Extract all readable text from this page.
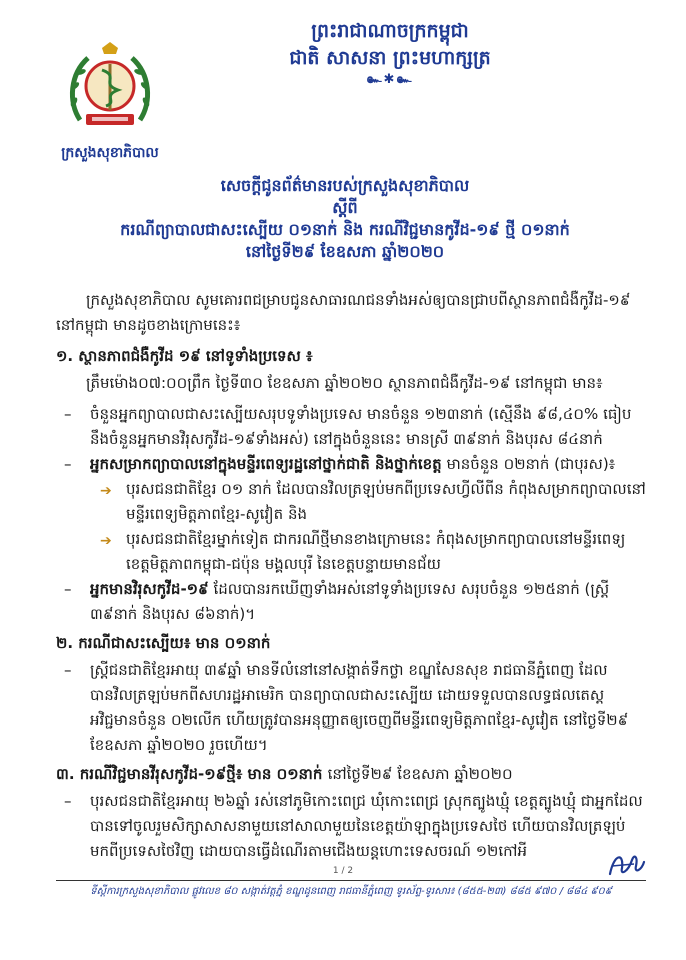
ព្រះរាជាណាចក្រកម្ពុជា
ជាតិ សាសនា ព្រះមហាក្សត្រ
๛✱๛
ក្រសួងសុខាភិបាល
សេចក្តីជូនព័ត៌មានរបស់ក្រសួងសុខាភិបាល
ស្តីពី
ករណីព្យាបាលជាសះស្បើយ ០១នាក់ និង ករណីវិជ្ជមានកូវីដ-១៩ ថ្មី ០១នាក់
នៅថ្ងៃទី២៩ ខែឧសភា ឆ្នាំ២០២០

ក្រសួងសុខាភិបាល សូមគោរពជម្រាបជូនសាធារណជនទាំងអស់ឲ្យបានជ្រាបពីស្ថានភាពជំងឺកូវីដ-១៩ នៅកម្ពុជា មានដូចខាងក្រោមនេះ៖

១. ស្ថានភាពជំងឺកូវីដ ១៩ នៅទូទាំងប្រទេស ៖

ត្រឹមម៉ោង០៧:០០ព្រឹក ថ្ងៃទី៣០ ខែឧសភា ឆ្នាំ២០២០ ស្ថានភាពជំងឺកូវីដ-១៩ នៅកម្ពុជា មាន៖

– ចំនួនអ្នកព្យាបាលជាសះស្បើយសរុបទូទាំងប្រទេស មានចំនួន ១២៣នាក់ (ស្មើនឹង ៩៨,៤០% ធៀបនឹងចំនួនអ្នកមានវិរុសកូវីដ-១៩ទាំងអស់) នៅក្នុងចំនួននេះ មានស្រី ៣៩នាក់ និងបុរស ៨៤នាក់

– អ្នកសម្រាកព្យាបាលនៅក្នុងមន្ទីរពេទ្យរដ្ឋនៅថ្នាក់ជាតិ និងថ្នាក់ខេត្ត មានចំនួន ០២នាក់ (ជាបុរស)៖

➔ បុរសជនជាតិខ្មែរ ០១ នាក់ ដែលបានវិលត្រឡប់មកពីប្រទេសហ្វីលីពីន កំពុងសម្រាកព្យាបាលនៅមន្ទីរពេទ្យមិត្តភាពខ្មែរ-សូវៀត និង

➔ បុរសជនជាតិខ្មែរម្នាក់ទៀត ជាករណីថ្មីមានខាងក្រោមនេះ កំពុងសម្រាកព្យាបាលនៅមន្ទីរពេទ្យខេត្តមិត្តភាពកម្ពុជា-ជប៉ុន មង្គលបុរី នៃខេត្តបន្ទាយមានជ័យ

– អ្នកមានវិរុសកូវីដ-១៩ ដែលបានរកឃើញទាំងអស់នៅទូទាំងប្រទេស សរុបចំនួន ១២៥នាក់ (ស្ត្រី ៣៩នាក់ និងបុរស ៨៦នាក់)។

២. ករណីជាសះស្បើយ៖ មាន ០១នាក់

– ស្ត្រីជនជាតិខ្មែរអាយុ ៣៩ឆ្នាំ មានទីលំនៅនៅសង្កាត់ទឹកថ្លា ខណ្ឌសែនសុខ រាជធានីភ្នំពេញ ដែលបានវិលត្រឡប់មកពីសហរដ្ឋអាមេរិក បានព្យាបាលជាសះស្បើយ ដោយទទួលបានលទ្ធផលតេស្តអវិជ្ជមានចំនួន ០២លើក ហើយត្រូវបានអនុញ្ញាតឲ្យចេញពីមន្ទីរពេទ្យមិត្តភាពខ្មែរ-សូវៀត នៅថ្ងៃទី២៩ ខែឧសភា ឆ្នាំ២០២០ រួចហើយ។

៣. ករណីវិជ្ជមានវីរុសកូវីដ-១៩ថ្មី៖ មាន ០១នាក់ នៅថ្ងៃទី២៩ ខែឧសភា ឆ្នាំ២០២០

– បុរសជនជាតិខ្មែរអាយុ ២៦ឆ្នាំ រស់នៅភូមិកោះពេជ្រ ឃុំកោះពេជ្រ ស្រុកត្បូងឃ្មុំ ខេត្តត្បូងឃ្មុំ ជាអ្នកដែលបានទៅចូលរួមសិក្សាសាសនាមួយនៅសាលាមួយនៃខេត្តយ៉ាឡាក្នុងប្រទេសថៃ ហើយបានវិលត្រឡប់មកពីប្រទេសថៃវិញ ដោយបានធ្វើដំណើរតាមជើងយន្តហោះទេសចរណ៍ ១២កៅអី

1 / 2
ទីស្តីការក្រសួងសុខាភិបាល ផ្លូវលេខ ៨០ សង្កាត់វត្តភ្នំ ខណ្ឌដូនពេញ រាជធានីភ្នំពេញ ទូរស័ព្ទ-ទូរសារ៖ (៨៥៥-២៣) ៨៨៥ ៩៧០ / ៨៨៤ ៩០៩
